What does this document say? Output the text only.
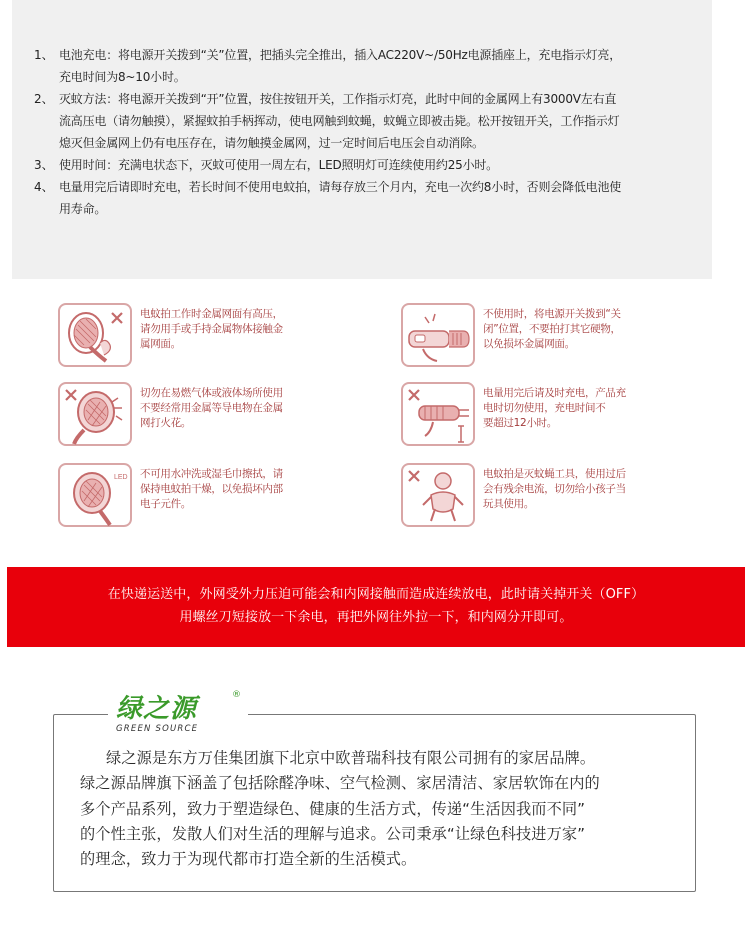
1、 电池充电：将电源开关拨到“关”位置，把插头完全推出，插入AC220V~/50Hz电源插座上，充电指示灯亮，
充电时间为8~10小时。
2、 灭蚊方法：将电源开关拨到“开”位置，按住按钮开关，工作指示灯亮，此时中间的金属网上有3000V左右直
流高压电（请勿触摸），紧握蚊拍手柄挥动，使电网触到蚊蝇，蚊蝇立即被击毙。松开按钮开关，工作指示灯
熄灭但金属网上仍有电压存在，请勿触摸金属网，过一定时间后电压会自动消除。
3、 使用时间：充满电状态下，灭蚊可使用一周左右，LED照明灯可连续使用约25小时。
4、 电量用完后请即时充电，若长时间不使用电蚊拍，请每存放三个月内，充电一次约8小时，否则会降低电池使
用寿命。
电蚊拍工作时金属网面有高压，
请勿用手或手持金属物体接触金
属网面。
不使用时，将电源开关拨到“关
闭”位置，不要拍打其它硬物，
以免损坏金属网面。
切勿在易燃气体或液体场所使用
不要经常用金属等导电物在金属
网打火花。
电量用完后请及时充电，产品充
电时切勿使用，充电时间不
要超过12小时。
LED 不可用水冲洗或湿毛巾擦拭，请
保持电蚊拍干燥，以免损坏内部
电子元件。
电蚊拍是灭蚊蝇工具，使用过后
会有残余电流，切勿给小孩子当
玩具使用。
在快递运送中，外网受外力压迫可能会和内网接触而造成连续放电，此时请关掉开关（OFF）
用螺丝刀短接放一下余电，再把外网往外拉一下，和内网分开即可。
绿之源	®
GREEN SOURCE
绿之源是东方万佳集团旗下北京中欧普瑞科技有限公司拥有的家居品牌。
绿之源品牌旗下涵盖了包括除醛净味、空气检测、家居清洁、家居软饰在内的
多个产品系列，致力于塑造绿色、健康的生活方式，传递“生活因我而不同”
的个性主张，发散人们对生活的理解与追求。公司秉承“让绿色科技进万家”
的理念，致力于为现代都市打造全新的生活模式。
